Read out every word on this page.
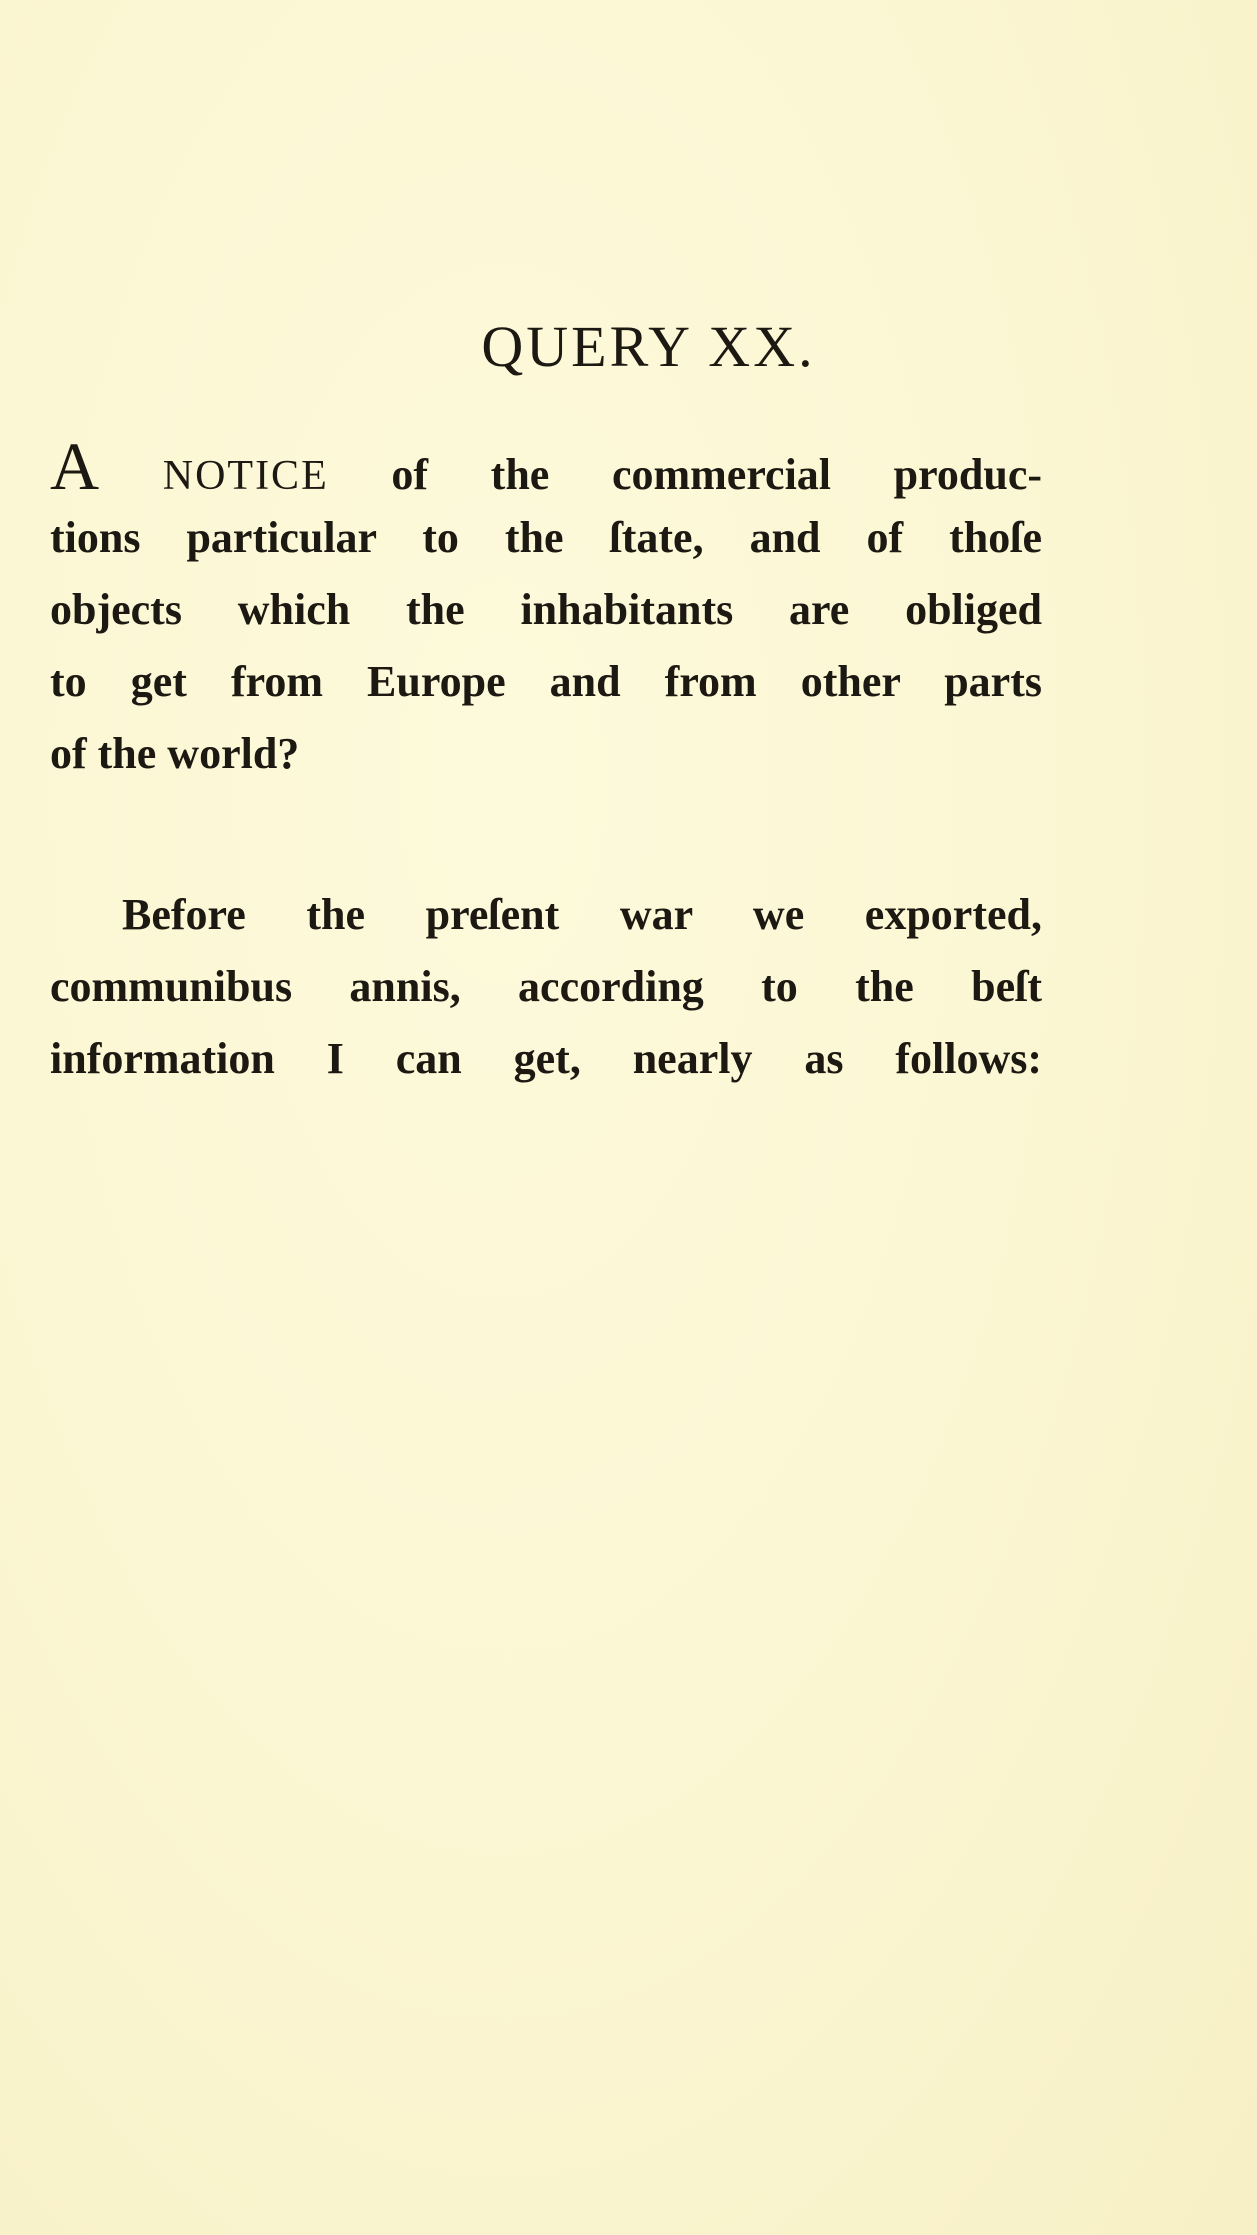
QUERY XX.
A NOTICE of the commercial produc-
tions particular to the ſtate, and of thoſe
objects which the inhabitants are obliged
to get from Europe and from other parts
of the world?
Before the preſent war we exported,
communibus annis, according to the beſt
information I can get, nearly as follows:
